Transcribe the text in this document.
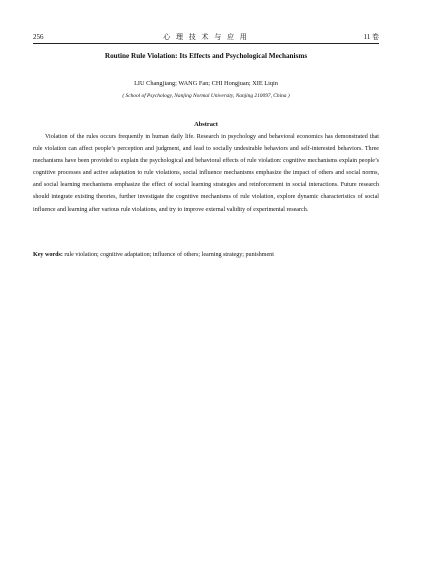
256	心 理 技 术 与 应 用	11 卷
Routine Rule Violation: Its Effects and Psychological Mechanisms
LIU Changjiang; WANG Fan; CHI Hongjuan; XIE Liqin
( School of Psychology, Nanjing Normal University, Nanjing 210097, China )
Abstract

Violation of the rules occurs frequently in human daily life. Research in psychology and behavioral economics has demonstrated that rule violation can affect people’s perception and judgment, and lead to socially undesirable behaviors and self-interested behaviors. Three mechanisms have been provided to explain the psychological and behavioral effects of rule violation: cognitive mechanisms explain people’s cognitive processes and active adaptation to rule violations, social influence mechanisms emphasize the impact of others and social norms, and social learning mechanisms emphasize the effect of social learning strategies and reinforcement in social interactions. Future research should integrate existing theories, further investigate the cognitive mechanisms of rule violation, explore dynamic characteristics of social influence and learning after various rule violations, and try to improve external validity of experimental research.

Key words: rule violation; cognitive adaptation; influence of others; learning strategy; punishment
